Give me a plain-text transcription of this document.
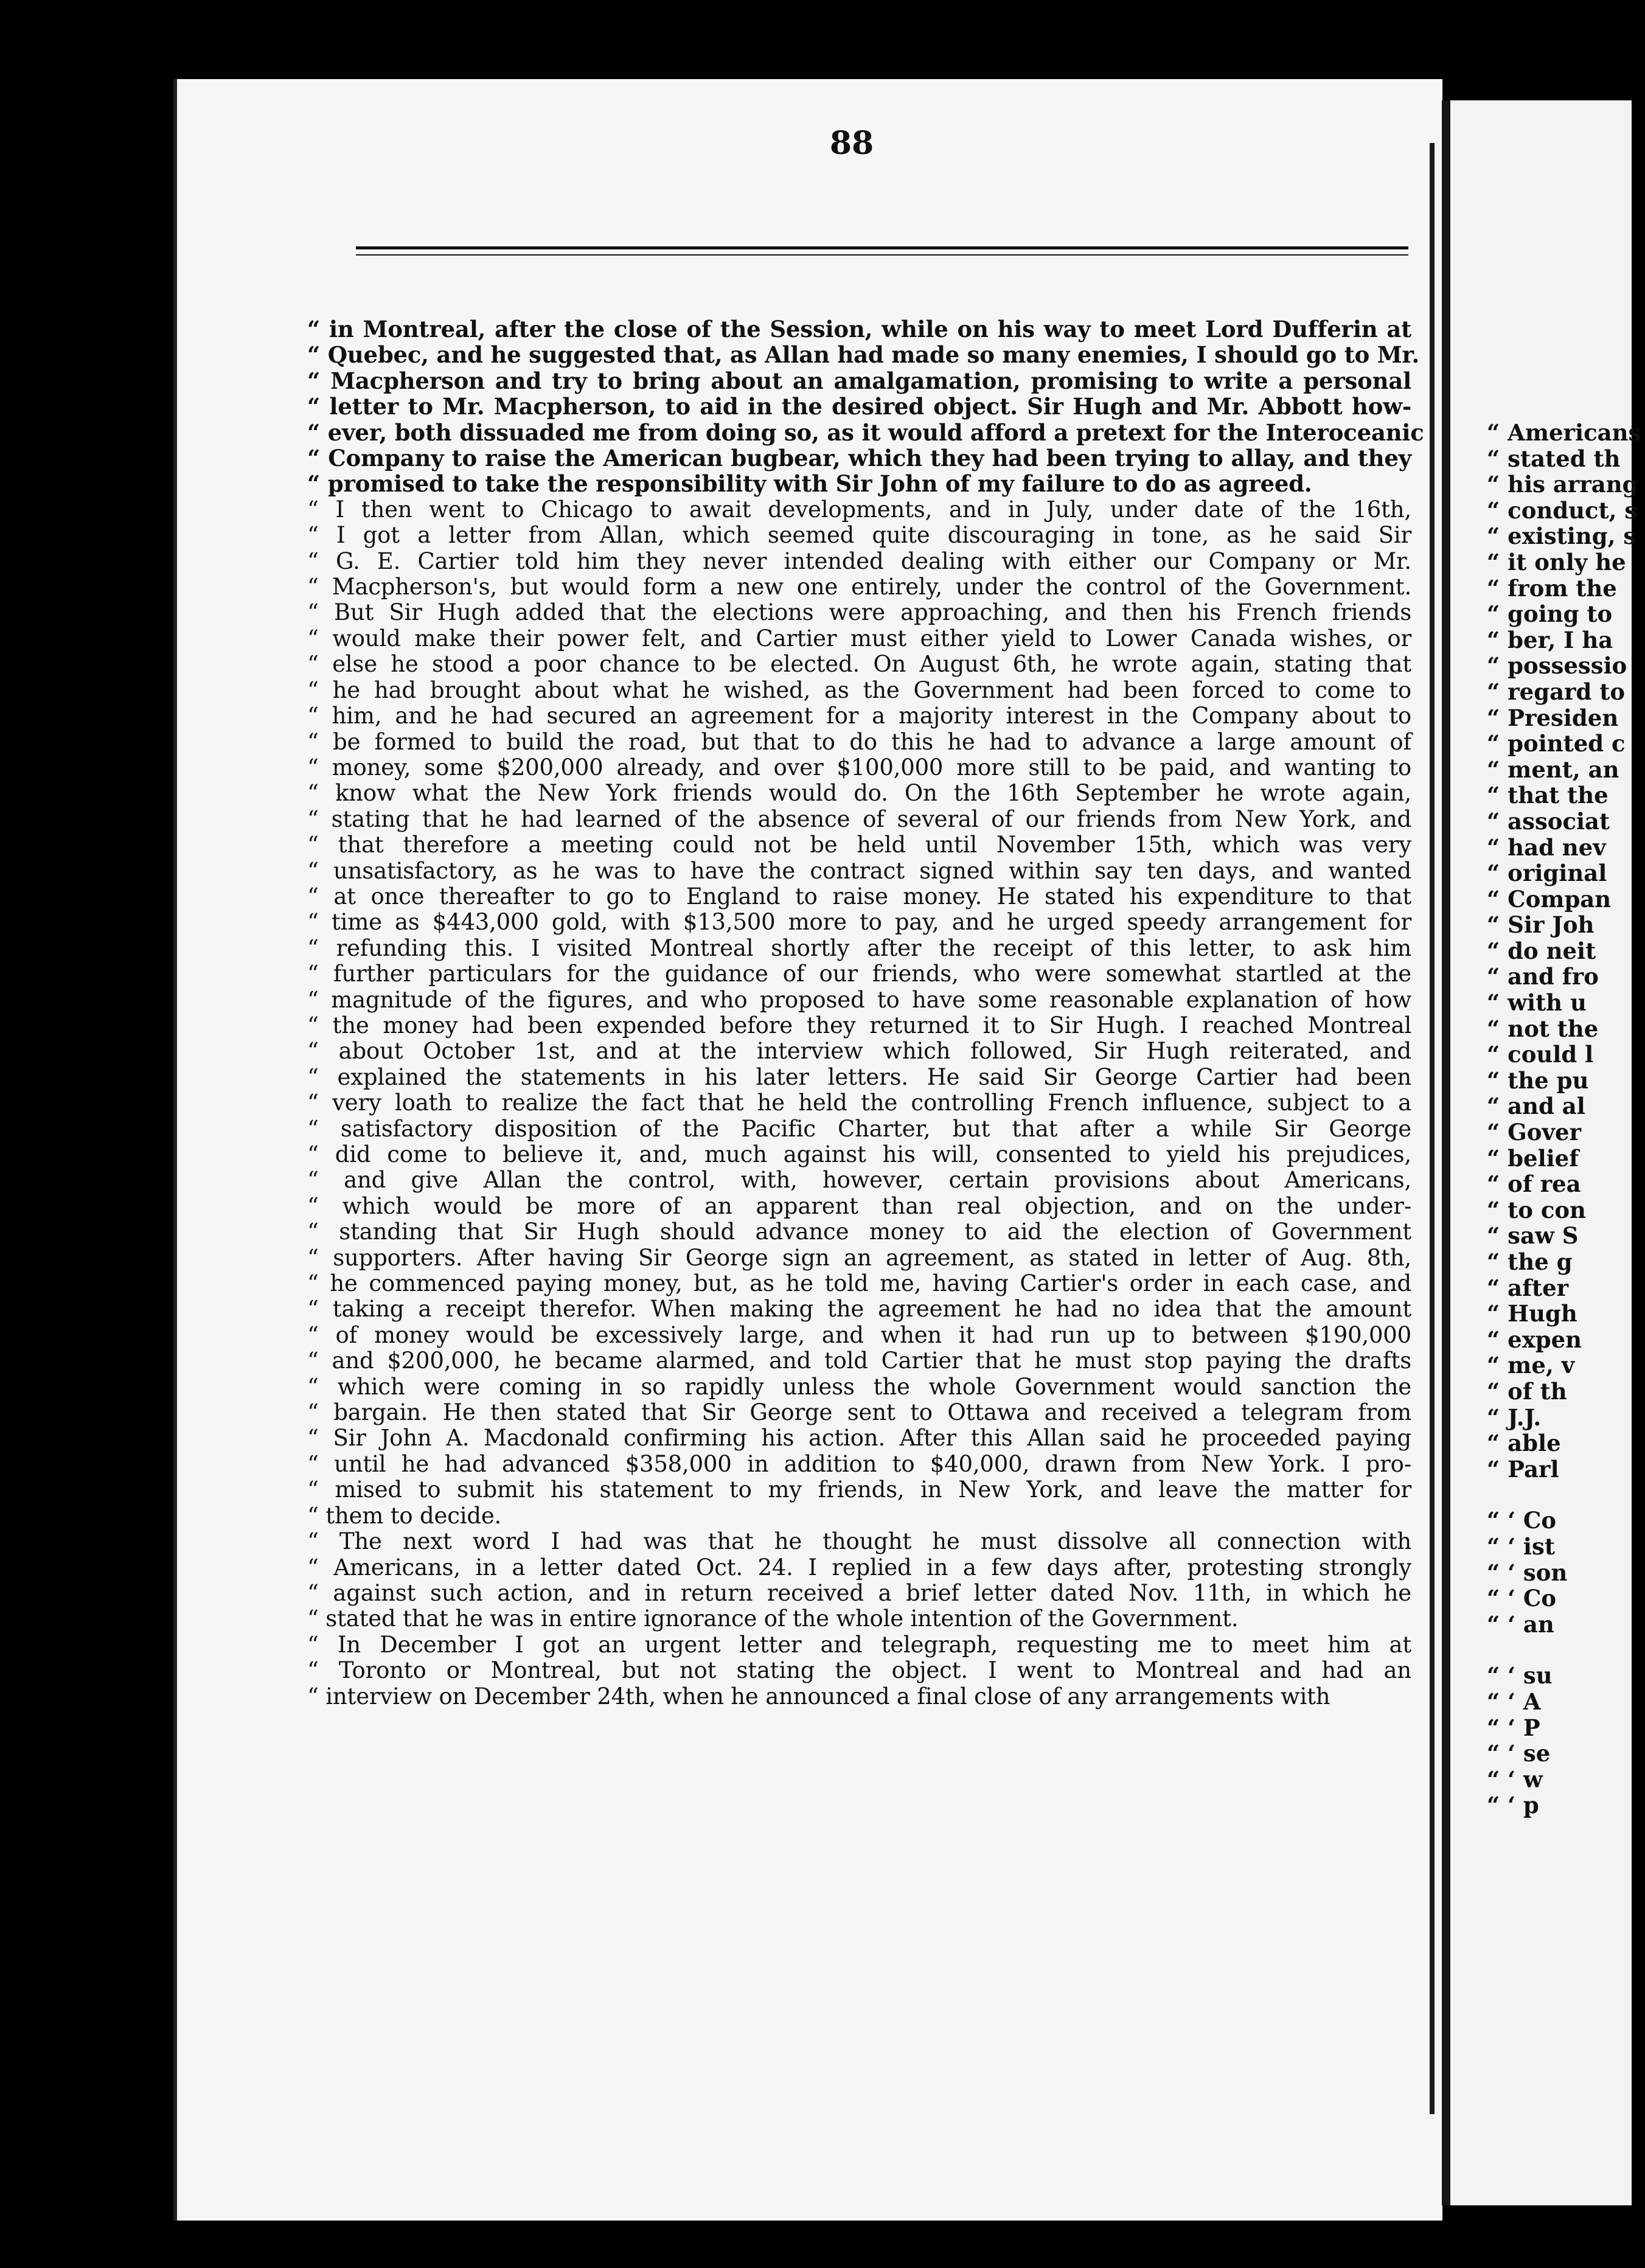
88
“ in Montreal, after the close of the Session, while on his way to meet Lord Dufferin at
“ Quebec, and he suggested that, as Allan had made so many enemies, I should go to Mr.
“ Macpherson and try to bring about an amalgamation, promising to write a personal
“ letter to Mr. Macpherson, to aid in the desired object. Sir Hugh and Mr. Abbott how-
“ ever, both dissuaded me from doing so, as it would afford a pretext for the Interoceanic
“ Company to raise the American bugbear, which they had been trying to allay, and they
“ promised to take the responsibility with Sir John of my failure to do as agreed.
“ I then went to Chicago to await developments, and in July, under date of the 16th,
“ I got a letter from Allan, which seemed quite discouraging in tone, as he said Sir
“ G. E. Cartier told him they never intended dealing with either our Company or Mr.
“ Macpherson's, but would form a new one entirely, under the control of the Government.
“ But Sir Hugh added that the elections were approaching, and then his French friends
“ would make their power felt, and Cartier must either yield to Lower Canada wishes, or
“ else he stood a poor chance to be elected. On August 6th, he wrote again, stating that
“ he had brought about what he wished, as the Government had been forced to come to
“ him, and he had secured an agreement for a majority interest in the Company about to
“ be formed to build the road, but that to do this he had to advance a large amount of
“ money, some $200,000 already, and over $100,000 more still to be paid, and wanting to
“ know what the New York friends would do. On the 16th September he wrote again,
“ stating that he had learned of the absence of several of our friends from New York, and
“ that therefore a meeting could not be held until November 15th, which was very
“ unsatisfactory, as he was to have the contract signed within say ten days, and wanted
“ at once thereafter to go to England to raise money. He stated his expenditure to that
“ time as $443,000 gold, with $13,500 more to pay, and he urged speedy arrangement for
“ refunding this. I visited Montreal shortly after the receipt of this letter, to ask him
“ further particulars for the guidance of our friends, who were somewhat startled at the
“ magnitude of the figures, and who proposed to have some reasonable explanation of how
“ the money had been expended before they returned it to Sir Hugh. I reached Montreal
“ about October 1st, and at the interview which followed, Sir Hugh reiterated, and
“ explained the statements in his later letters. He said Sir George Cartier had been
“ very loath to realize the fact that he held the controlling French influence, subject to a
“ satisfactory disposition of the Pacific Charter, but that after a while Sir George
“ did come to believe it, and, much against his will, consented to yield his prejudices,
“ and give Allan the control, with, however, certain provisions about Americans,
“ which would be more of an apparent than real objection, and on the under-
“ standing that Sir Hugh should advance money to aid the election of Government
“ supporters. After having Sir George sign an agreement, as stated in letter of Aug. 8th,
“ he commenced paying money, but, as he told me, having Cartier's order in each case, and
“ taking a receipt therefor. When making the agreement he had no idea that the amount
“ of money would be excessively large, and when it had run up to between $190,000
“ and $200,000, he became alarmed, and told Cartier that he must stop paying the drafts
“ which were coming in so rapidly unless the whole Government would sanction the
“ bargain. He then stated that Sir George sent to Ottawa and received a telegram from
“ Sir John A. Macdonald confirming his action. After this Allan said he proceeded paying
“ until he had advanced $358,000 in addition to $40,000, drawn from New York. I pro-
“ mised to submit his statement to my friends, in New York, and leave the matter for
“ them to decide.
“ The next word I had was that he thought he must dissolve all connection with
“ Americans, in a letter dated Oct. 24. I replied in a few days after, protesting strongly
“ against such action, and in return received a brief letter dated Nov. 11th, in which he
“ stated that he was in entire ignorance of the whole intention of the Government.
“ In December I got an urgent letter and telegraph, requesting me to meet him at
“ Toronto or Montreal, but not stating the object. I went to Montreal and had an
“ interview on December 24th, when he announced a final close of any arrangements with
“ Americans
“ stated th
“ his arrang
“ conduct, s
“ existing, s
“ it only he
“ from the
“ going to
“ ber, I ha
“ possessio
“ regard to
“ Presiden
“ pointed c
“ ment, an
“ that the
“ associat
“ had nev
“ original
“ Compan
“ Sir Joh
“ do neit
“ and fro
“ with u
“ not the
“ could l
“ the pu
“ and al
“ Gover
“ belief
“ of rea
“ to con
“ saw S
“ the g
“ after
“ Hugh
“ expen
“ me, v
“ of th
“ J.J.
“ able
“ Parl
“ ‘ Co
“ ‘ ist
“ ‘ son
“ ‘ Co
“ ‘ an
“ ‘ su
“ ‘ A
“ ‘ P
“ ‘ se
“ ‘ w
“ ‘ p
